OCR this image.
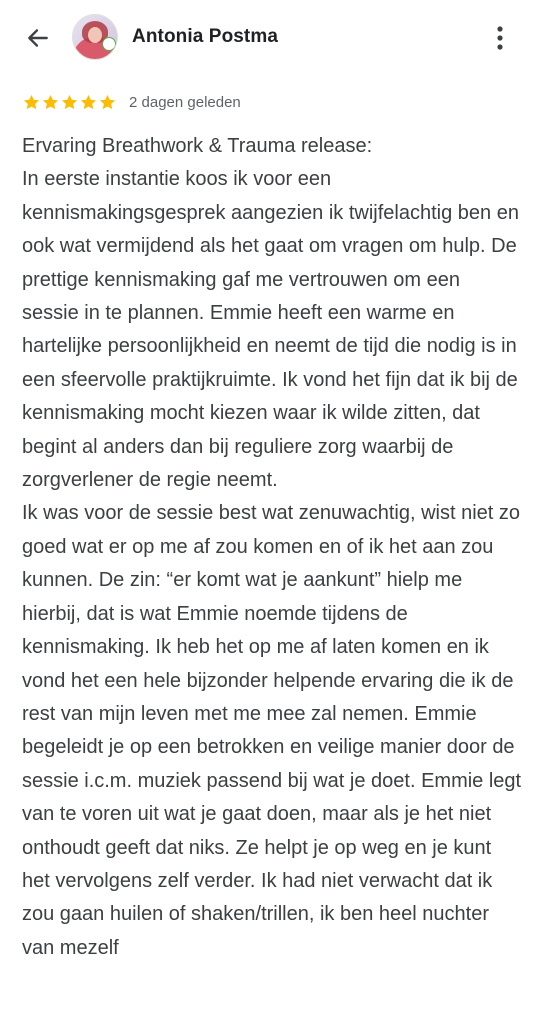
Antonia Postma
2 dagen geleden

Ervaring Breathwork & Trauma release:

In eerste instantie koos ik voor een kennismakingsgesprek aangezien ik twijfelachtig ben en ook wat vermijdend als het gaat om vragen om hulp. De prettige kennismaking gaf me vertrouwen om een sessie in te plannen. Emmie heeft een warme en hartelijke persoonlijkheid en neemt de tijd die nodig is in een sfeervolle praktijkruimte. Ik vond het fijn dat ik bij de kennismaking mocht kiezen waar ik wilde zitten, dat begint al anders dan bij reguliere zorg waarbij de zorgverlener de regie neemt.

Ik was voor de sessie best wat zenuwachtig, wist niet zo goed wat er op me af zou komen en of ik het aan zou kunnen. De zin: “er komt wat je aankunt” hielp me hierbij, dat is wat Emmie noemde tijdens de kennismaking. Ik heb het op me af laten komen en ik vond het een hele bijzonder helpende ervaring die ik de rest van mijn leven met me mee zal nemen. Emmie begeleidt je op een betrokken en veilige manier door de sessie i.c.m. muziek passend bij wat je doet. Emmie legt van te voren uit wat je gaat doen, maar als je het niet onthoudt geeft dat niks. Ze helpt je op weg en je kunt het vervolgens zelf verder. Ik had niet verwacht dat ik zou gaan huilen of shaken/trillen, ik ben heel nuchter van mezelf
